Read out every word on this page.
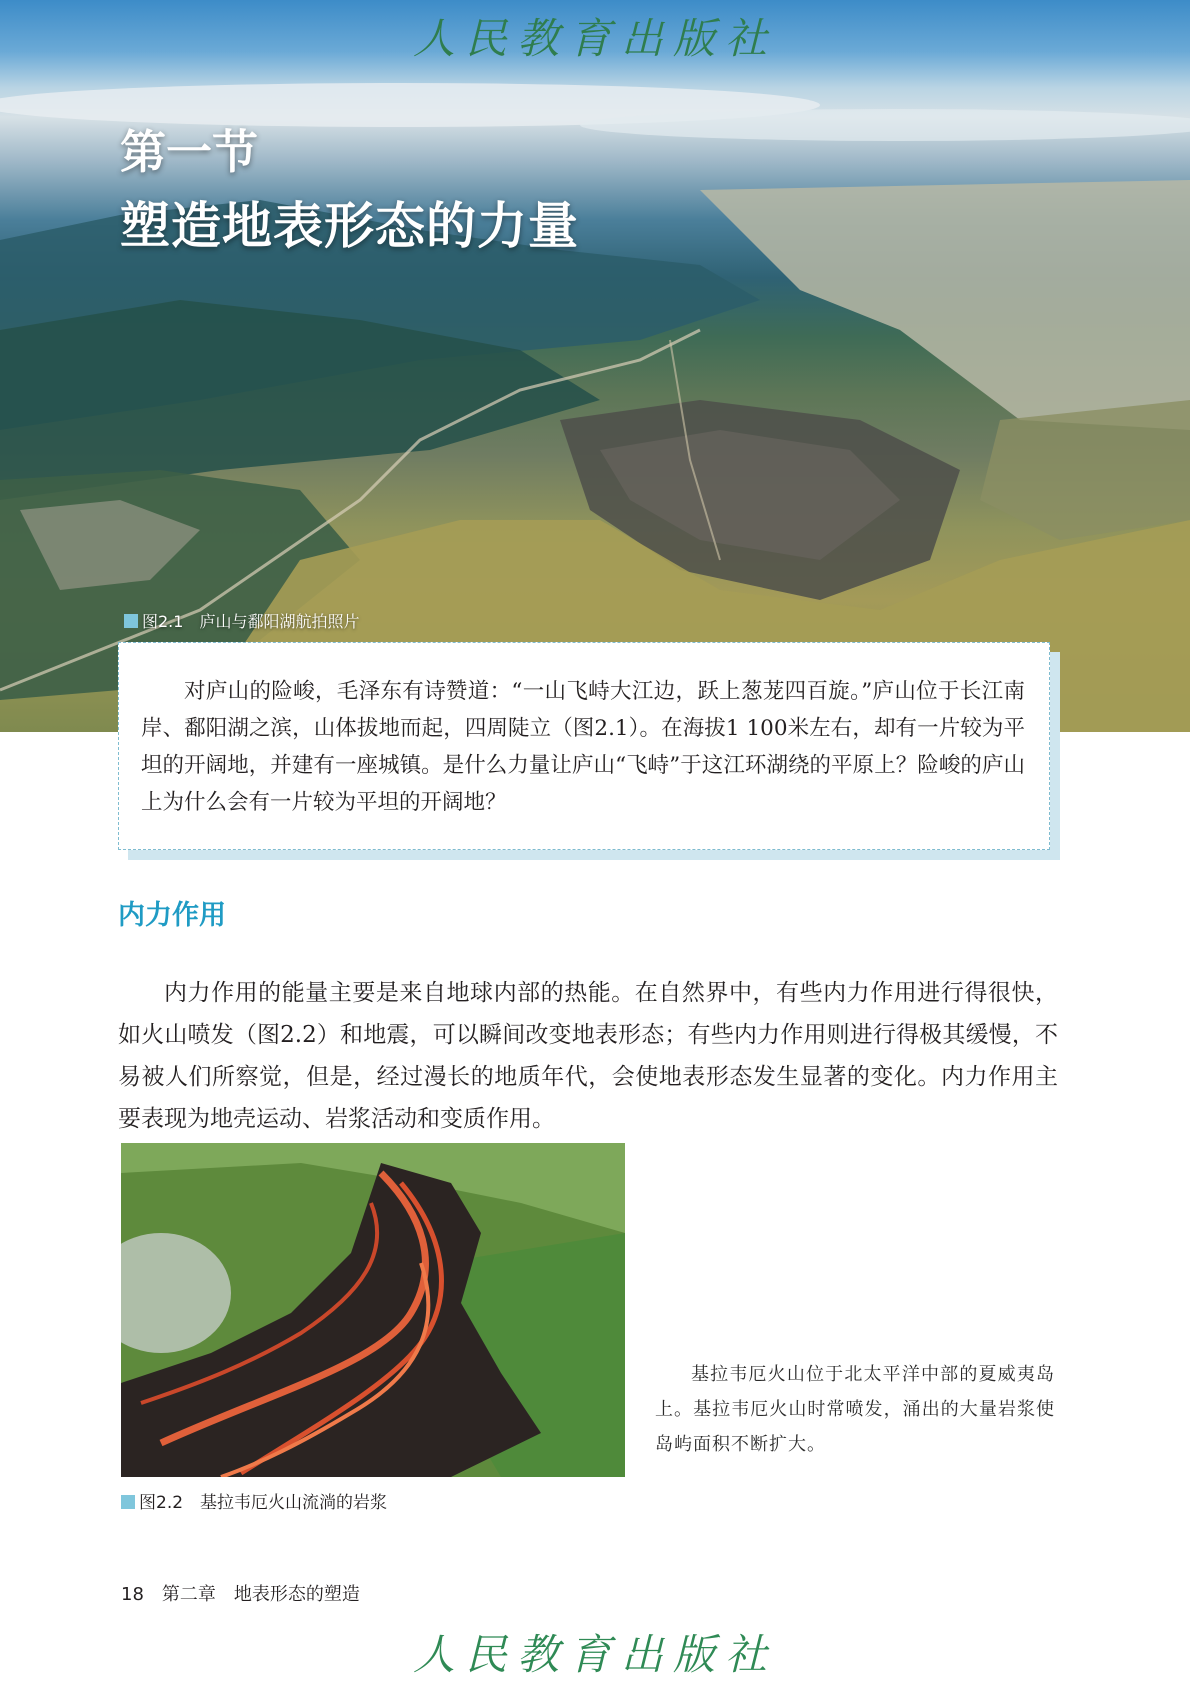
人民教育出版社
第一节
塑造地表形态的力量
图2.1　庐山与鄱阳湖航拍照片

对庐山的险峻，毛泽东有诗赞道：“一山飞峙大江边，跃上葱茏四百旋。”庐山位于长江南岸、鄱阳湖之滨，山体拔地而起，四周陡立（图2.1）。在海拔1 100米左右，却有一片较为平坦的开阔地，并建有一座城镇。是什么力量让庐山“飞峙”于这江环湖绕的平原上？险峻的庐山上为什么会有一片较为平坦的开阔地？

内力作用

内力作用的能量主要是来自地球内部的热能。在自然界中，有些内力作用进行得很快，如火山喷发（图2.2）和地震，可以瞬间改变地表形态；有些内力作用则进行得极其缓慢，不易被人们所察觉，但是，经过漫长的地质年代，会使地表形态发生显著的变化。内力作用主要表现为地壳运动、岩浆活动和变质作用。

基拉韦厄火山位于北太平洋中部的夏威夷岛上。基拉韦厄火山时常喷发，涌出的大量岩浆使岛屿面积不断扩大。

图2.2　基拉韦厄火山流淌的岩浆
18 第二章　地表形态的塑造
人民教育出版社
